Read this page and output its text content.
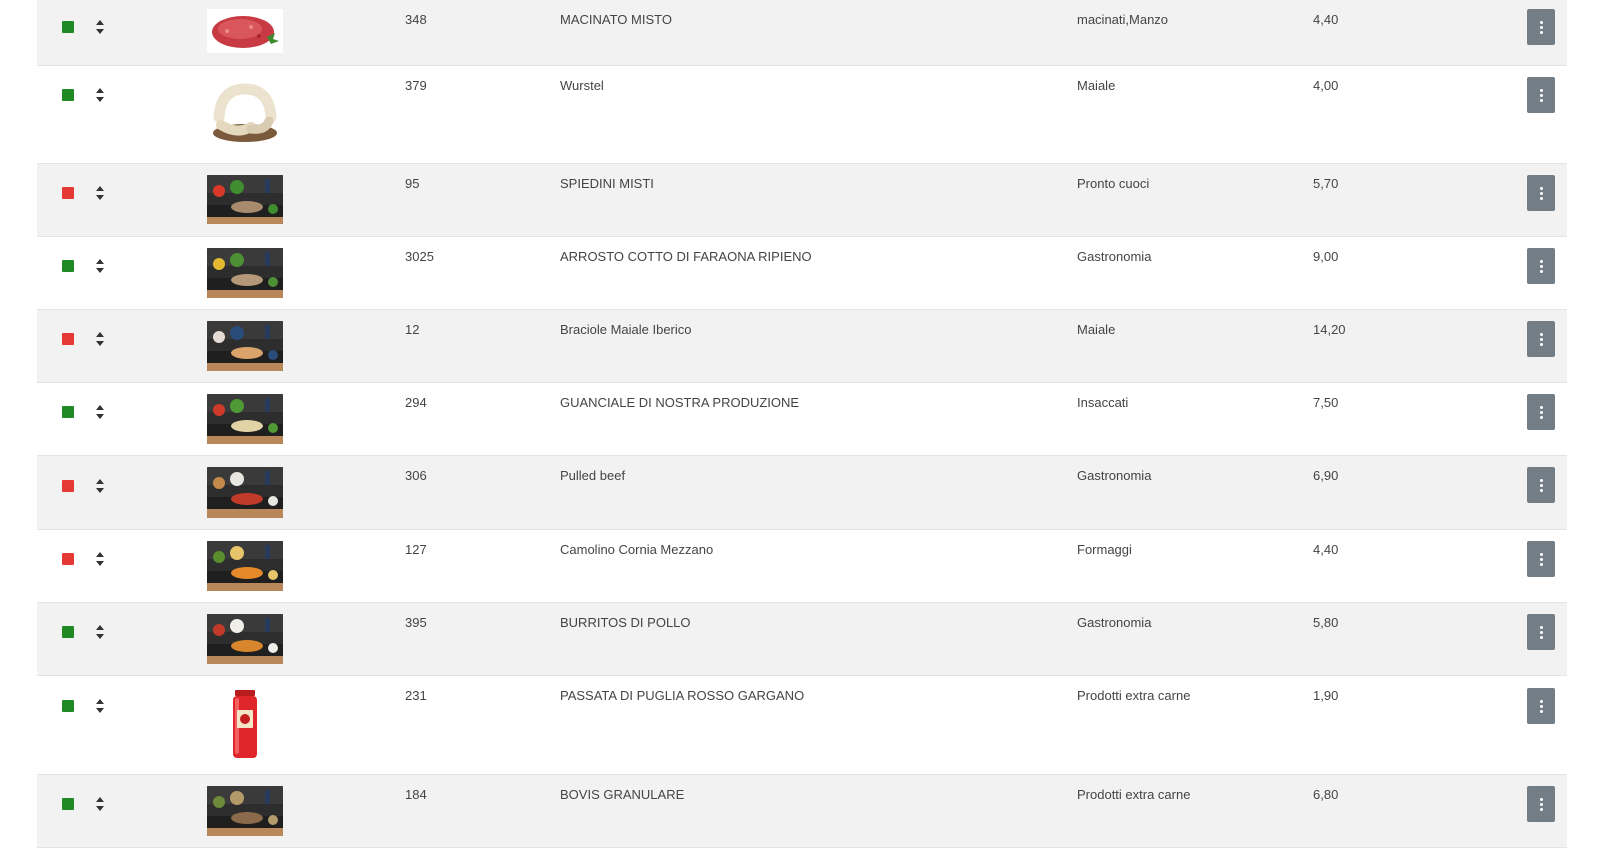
348	MACINATO MISTO	macinati,Manzo	4,40
379	Wurstel	Maiale	4,00
95	SPIEDINI MISTI	Pronto cuoci	5,70
3025	ARROSTO COTTO DI FARAONA RIPIENO	Gastronomia	9,00
12	Braciole Maiale Iberico	Maiale	14,20
294	GUANCIALE DI NOSTRA PRODUZIONE	Insaccati	7,50
306	Pulled beef	Gastronomia	6,90
127	Camolino Cornia Mezzano	Formaggi	4,40
395	BURRITOS DI POLLO	Gastronomia	5,80
231	PASSATA DI PUGLIA ROSSO GARGANO	Prodotti extra carne	1,90
184	BOVIS GRANULARE	Prodotti extra carne	6,80
